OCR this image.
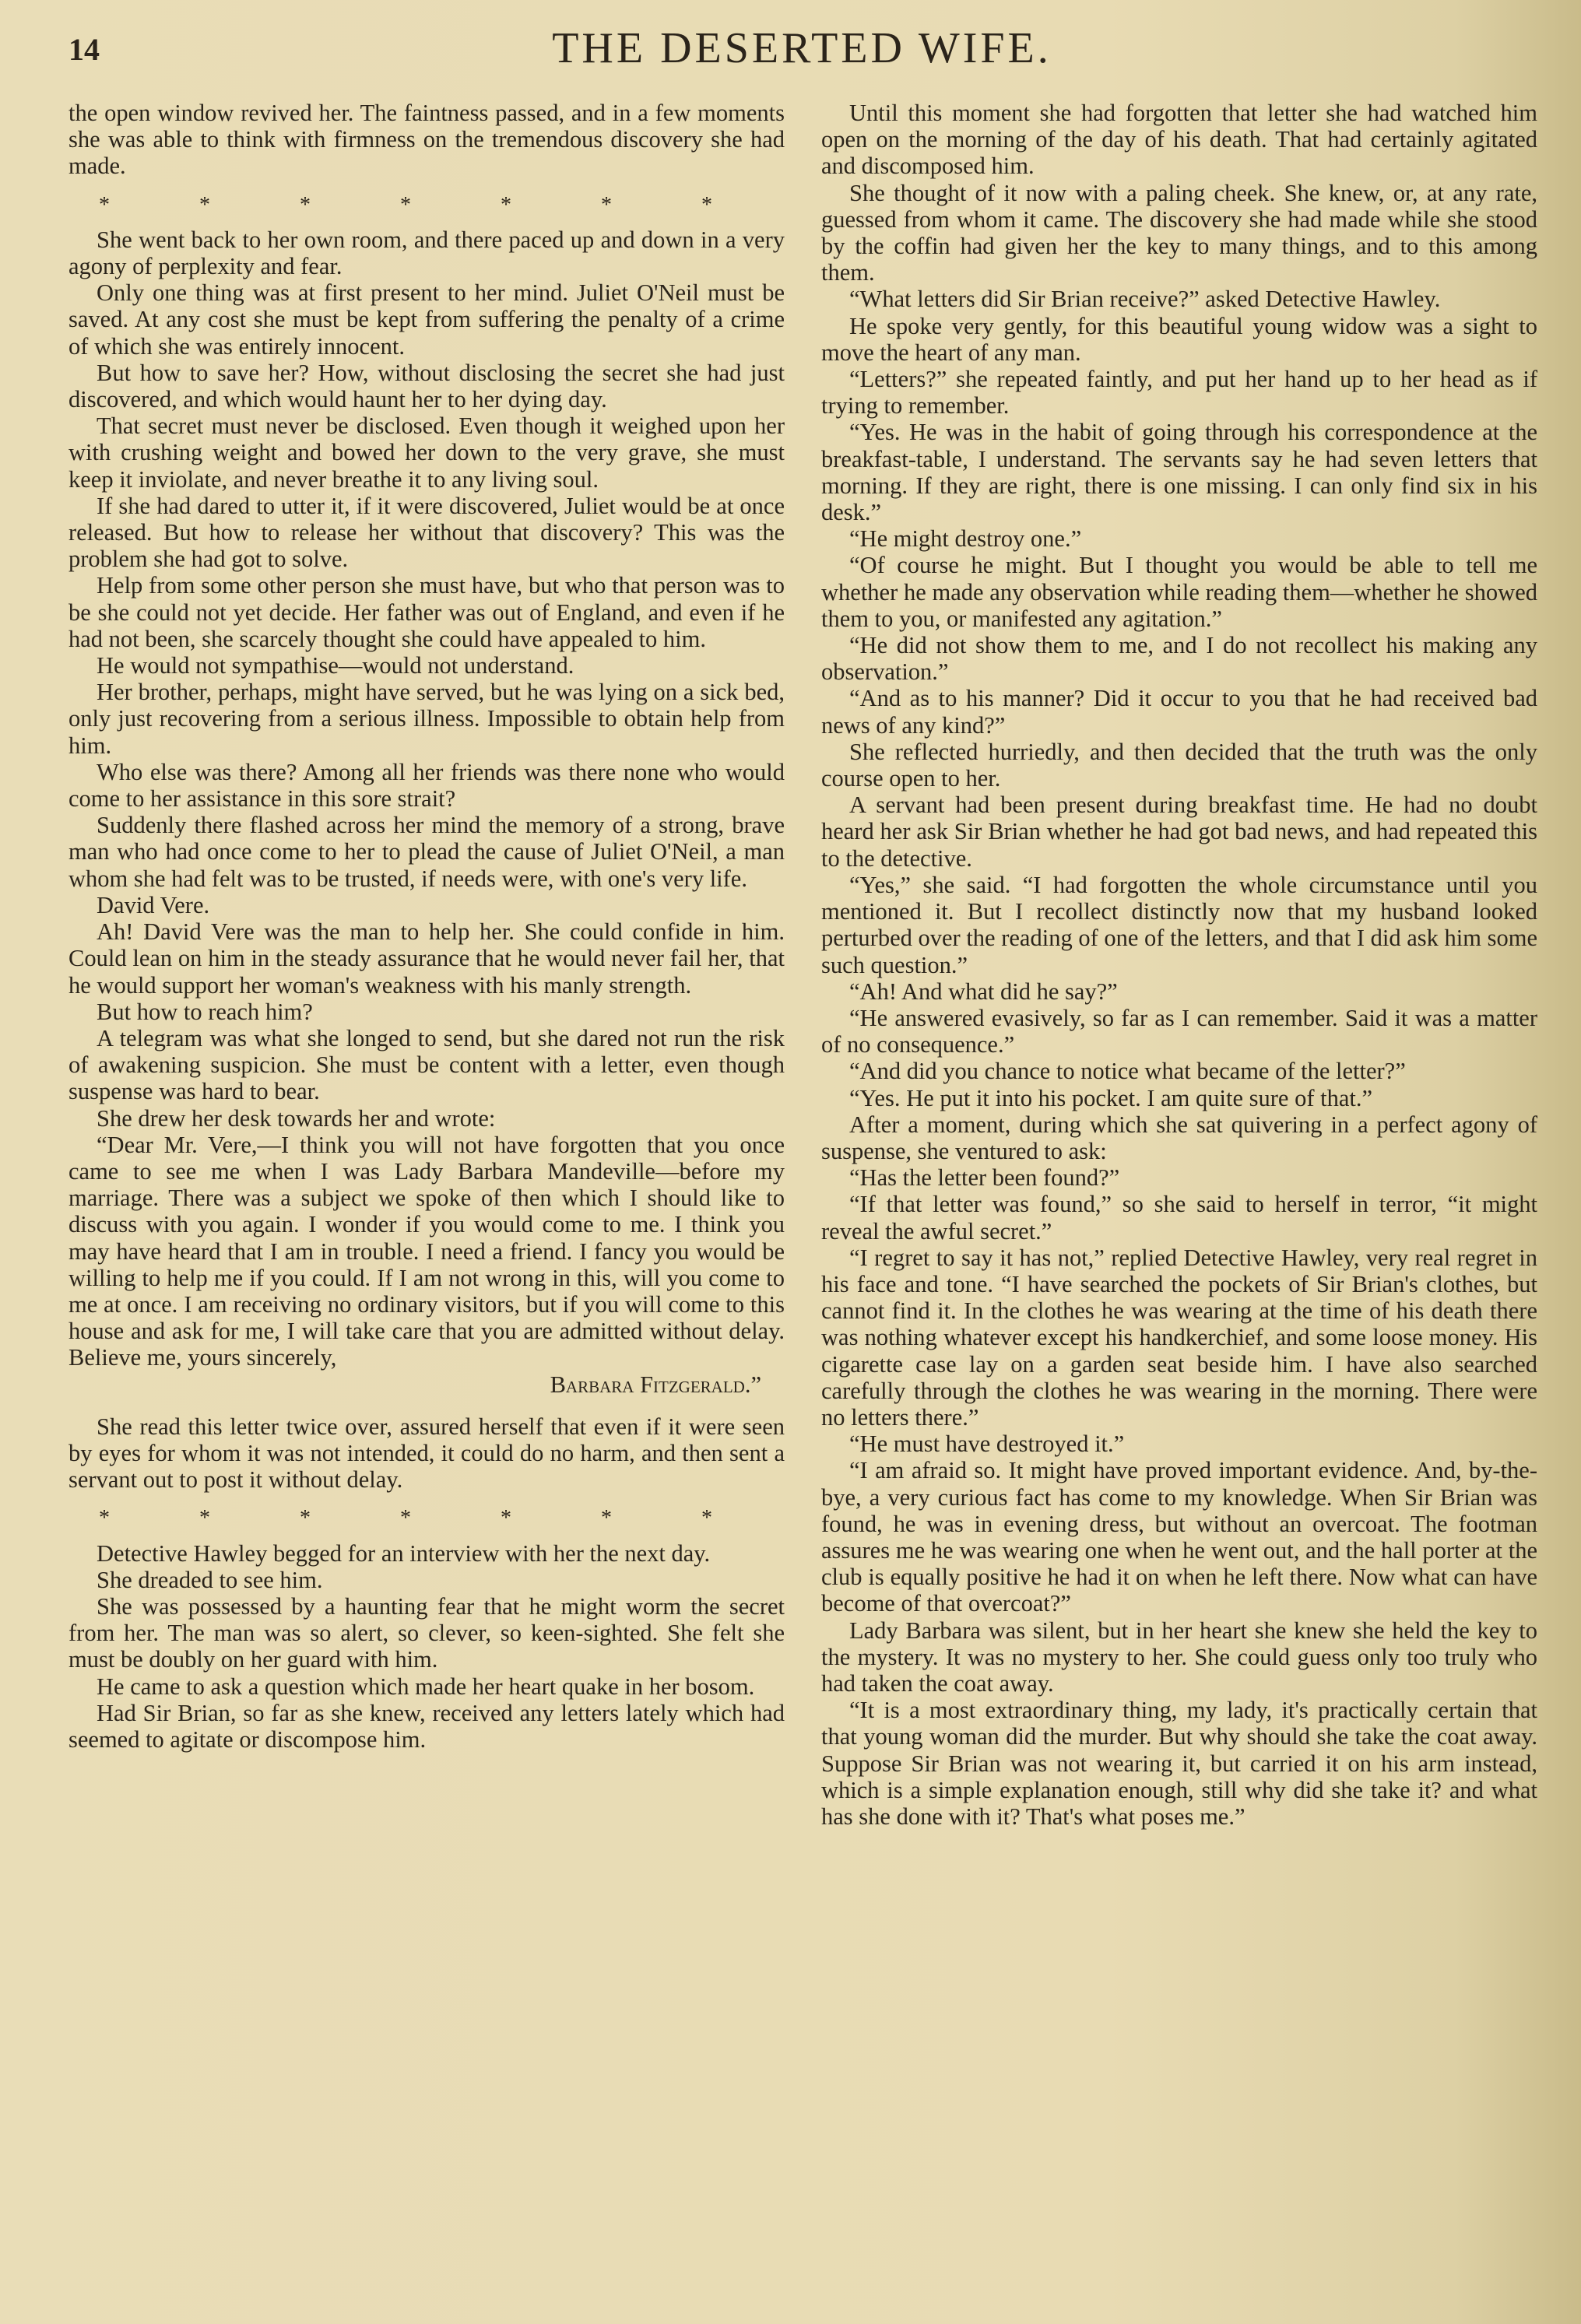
14	THE DESERTED WIFE.

the open window revived her. The faintness passed, and in a few moments she was able to think with firmness on the tremendous discovery she had made.

* * * * * * *

She went back to her own room, and there paced up and down in a very agony of perplexity and fear.

Only one thing was at first present to her mind. Juliet O'Neil must be saved. At any cost she must be kept from suffering the penalty of a crime of which she was entirely innocent.

But how to save her? How, without disclosing the secret she had just discovered, and which would haunt her to her dying day.

That secret must never be disclosed. Even though it weighed upon her with crushing weight and bowed her down to the very grave, she must keep it inviolate, and never breathe it to any living soul.

If she had dared to utter it, if it were discovered, Juliet would be at once released. But how to release her without that discovery? This was the problem she had got to solve.

Help from some other person she must have, but who that person was to be she could not yet decide. Her father was out of England, and even if he had not been, she scarcely thought she could have appealed to him.

He would not sympathise—would not understand.

Her brother, perhaps, might have served, but he was lying on a sick bed, only just recovering from a serious illness. Impossible to obtain help from him.

Who else was there? Among all her friends was there none who would come to her assistance in this sore strait?

Suddenly there flashed across her mind the memory of a strong, brave man who had once come to her to plead the cause of Juliet O'Neil, a man whom she had felt was to be trusted, if needs were, with one's very life.

David Vere.

Ah! David Vere was the man to help her. She could confide in him. Could lean on him in the steady assurance that he would never fail her, that he would support her woman's weakness with his manly strength.

But how to reach him?

A telegram was what she longed to send, but she dared not run the risk of awakening suspicion. She must be content with a letter, even though suspense was hard to bear.

She drew her desk towards her and wrote:

“Dear Mr. Vere,—I think you will not have forgotten that you once came to see me when I was Lady Barbara Mandeville—before my marriage. There was a subject we spoke of then which I should like to discuss with you again. I wonder if you would come to me. I think you may have heard that I am in trouble. I need a friend. I fancy you would be willing to help me if you could. If I am not wrong in this, will you come to me at once. I am receiving no ordinary visitors, but if you will come to this house and ask for me, I will take care that you are admitted without delay. Believe me, yours sincerely,

Barbara Fitzgerald.”

She read this letter twice over, assured herself that even if it were seen by eyes for whom it was not intended, it could do no harm, and then sent a servant out to post it without delay.

* * * * * * *

Detective Hawley begged for an interview with her the next day.

She dreaded to see him.

She was possessed by a haunting fear that he might worm the secret from her. The man was so alert, so clever, so keen-sighted. She felt she must be doubly on her guard with him.

He came to ask a question which made her heart quake in her bosom.

Had Sir Brian, so far as she knew, received any letters lately which had seemed to agitate or discompose him.

Until this moment she had forgotten that letter she had watched him open on the morning of the day of his death. That had certainly agitated and discomposed him.

She thought of it now with a paling cheek. She knew, or, at any rate, guessed from whom it came. The discovery she had made while she stood by the coffin had given her the key to many things, and to this among them.

“What letters did Sir Brian receive?” asked Detective Hawley.

He spoke very gently, for this beautiful young widow was a sight to move the heart of any man.

“Letters?” she repeated faintly, and put her hand up to her head as if trying to remember.

“Yes. He was in the habit of going through his correspondence at the breakfast-table, I understand. The servants say he had seven letters that morning. If they are right, there is one missing. I can only find six in his desk.”

“He might destroy one.”

“Of course he might. But I thought you would be able to tell me whether he made any observation while reading them—whether he showed them to you, or manifested any agitation.”

“He did not show them to me, and I do not recollect his making any observation.”

“And as to his manner? Did it occur to you that he had received bad news of any kind?”

She reflected hurriedly, and then decided that the truth was the only course open to her.

A servant had been present during breakfast time. He had no doubt heard her ask Sir Brian whether he had got bad news, and had repeated this to the detective.

“Yes,” she said. “I had forgotten the whole circumstance until you mentioned it. But I recollect distinctly now that my husband looked perturbed over the reading of one of the letters, and that I did ask him some such question.”

“Ah! And what did he say?”

“He answered evasively, so far as I can remember. Said it was a matter of no consequence.”

“And did you chance to notice what became of the letter?”

“Yes. He put it into his pocket. I am quite sure of that.”

After a moment, during which she sat quivering in a perfect agony of suspense, she ventured to ask:

“Has the letter been found?”

“If that letter was found,” so she said to herself in terror, “it might reveal the awful secret.”

“I regret to say it has not,” replied Detective Hawley, very real regret in his face and tone. “I have searched the pockets of Sir Brian's clothes, but cannot find it. In the clothes he was wearing at the time of his death there was nothing whatever except his handkerchief, and some loose money. His cigarette case lay on a garden seat beside him. I have also searched carefully through the clothes he was wearing in the morning. There were no letters there.”

“He must have destroyed it.”

“I am afraid so. It might have proved important evidence. And, by-the-bye, a very curious fact has come to my knowledge. When Sir Brian was found, he was in evening dress, but without an overcoat. The footman assures me he was wearing one when he went out, and the hall porter at the club is equally positive he had it on when he left there. Now what can have become of that overcoat?”

Lady Barbara was silent, but in her heart she knew she held the key to the mystery. It was no mystery to her. She could guess only too truly who had taken the coat away.

“It is a most extraordinary thing, my lady, it's practically certain that that young woman did the murder. But why should she take the coat away. Suppose Sir Brian was not wearing it, but carried it on his arm instead, which is a simple explanation enough, still why did she take it? and what has she done with it? That's what poses me.”
